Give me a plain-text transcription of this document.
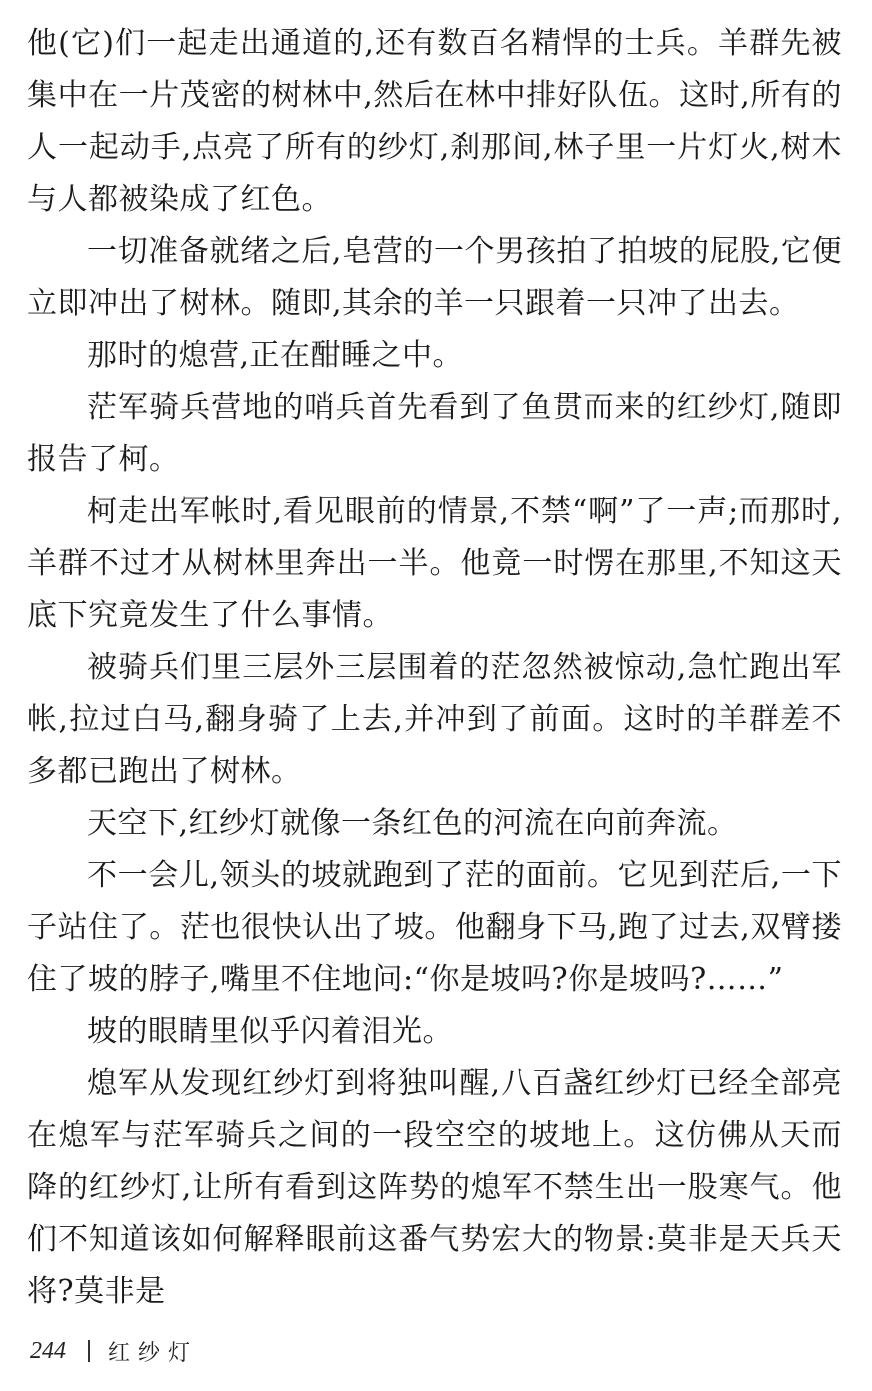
他(它)们一起走出通道的,还有数百名精悍的士兵。羊群先被集中在一片茂密的树林中,然后在林中排好队伍。这时,所有的人一起动手,点亮了所有的纱灯,刹那间,林子里一片灯火,树木与人都被染成了红色。

一切准备就绪之后,皂营的一个男孩拍了拍坡的屁股,它便立即冲出了树林。随即,其余的羊一只跟着一只冲了出去。

那时的熄营,正在酣睡之中。

茫军骑兵营地的哨兵首先看到了鱼贯而来的红纱灯,随即报告了柯。

柯走出军帐时,看见眼前的情景,不禁“啊”了一声;而那时,羊群不过才从树林里奔出一半。他竟一时愣在那里,不知这天底下究竟发生了什么事情。

被骑兵们里三层外三层围着的茫忽然被惊动,急忙跑出军帐,拉过白马,翻身骑了上去,并冲到了前面。这时的羊群差不多都已跑出了树林。

天空下,红纱灯就像一条红色的河流在向前奔流。

不一会儿,领头的坡就跑到了茫的面前。它见到茫后,一下子站住了。茫也很快认出了坡。他翻身下马,跑了过去,双臂搂住了坡的脖子,嘴里不住地问:“你是坡吗?你是坡吗?……”

坡的眼睛里似乎闪着泪光。

熄军从发现红纱灯到将独叫醒,八百盏红纱灯已经全部亮在熄军与茫军骑兵之间的一段空空的坡地上。这仿佛从天而降的红纱灯,让所有看到这阵势的熄军不禁生出一股寒气。他们不知道该如何解释眼前这番气势宏大的物景:莫非是天兵天将?莫非是

244 红纱灯
